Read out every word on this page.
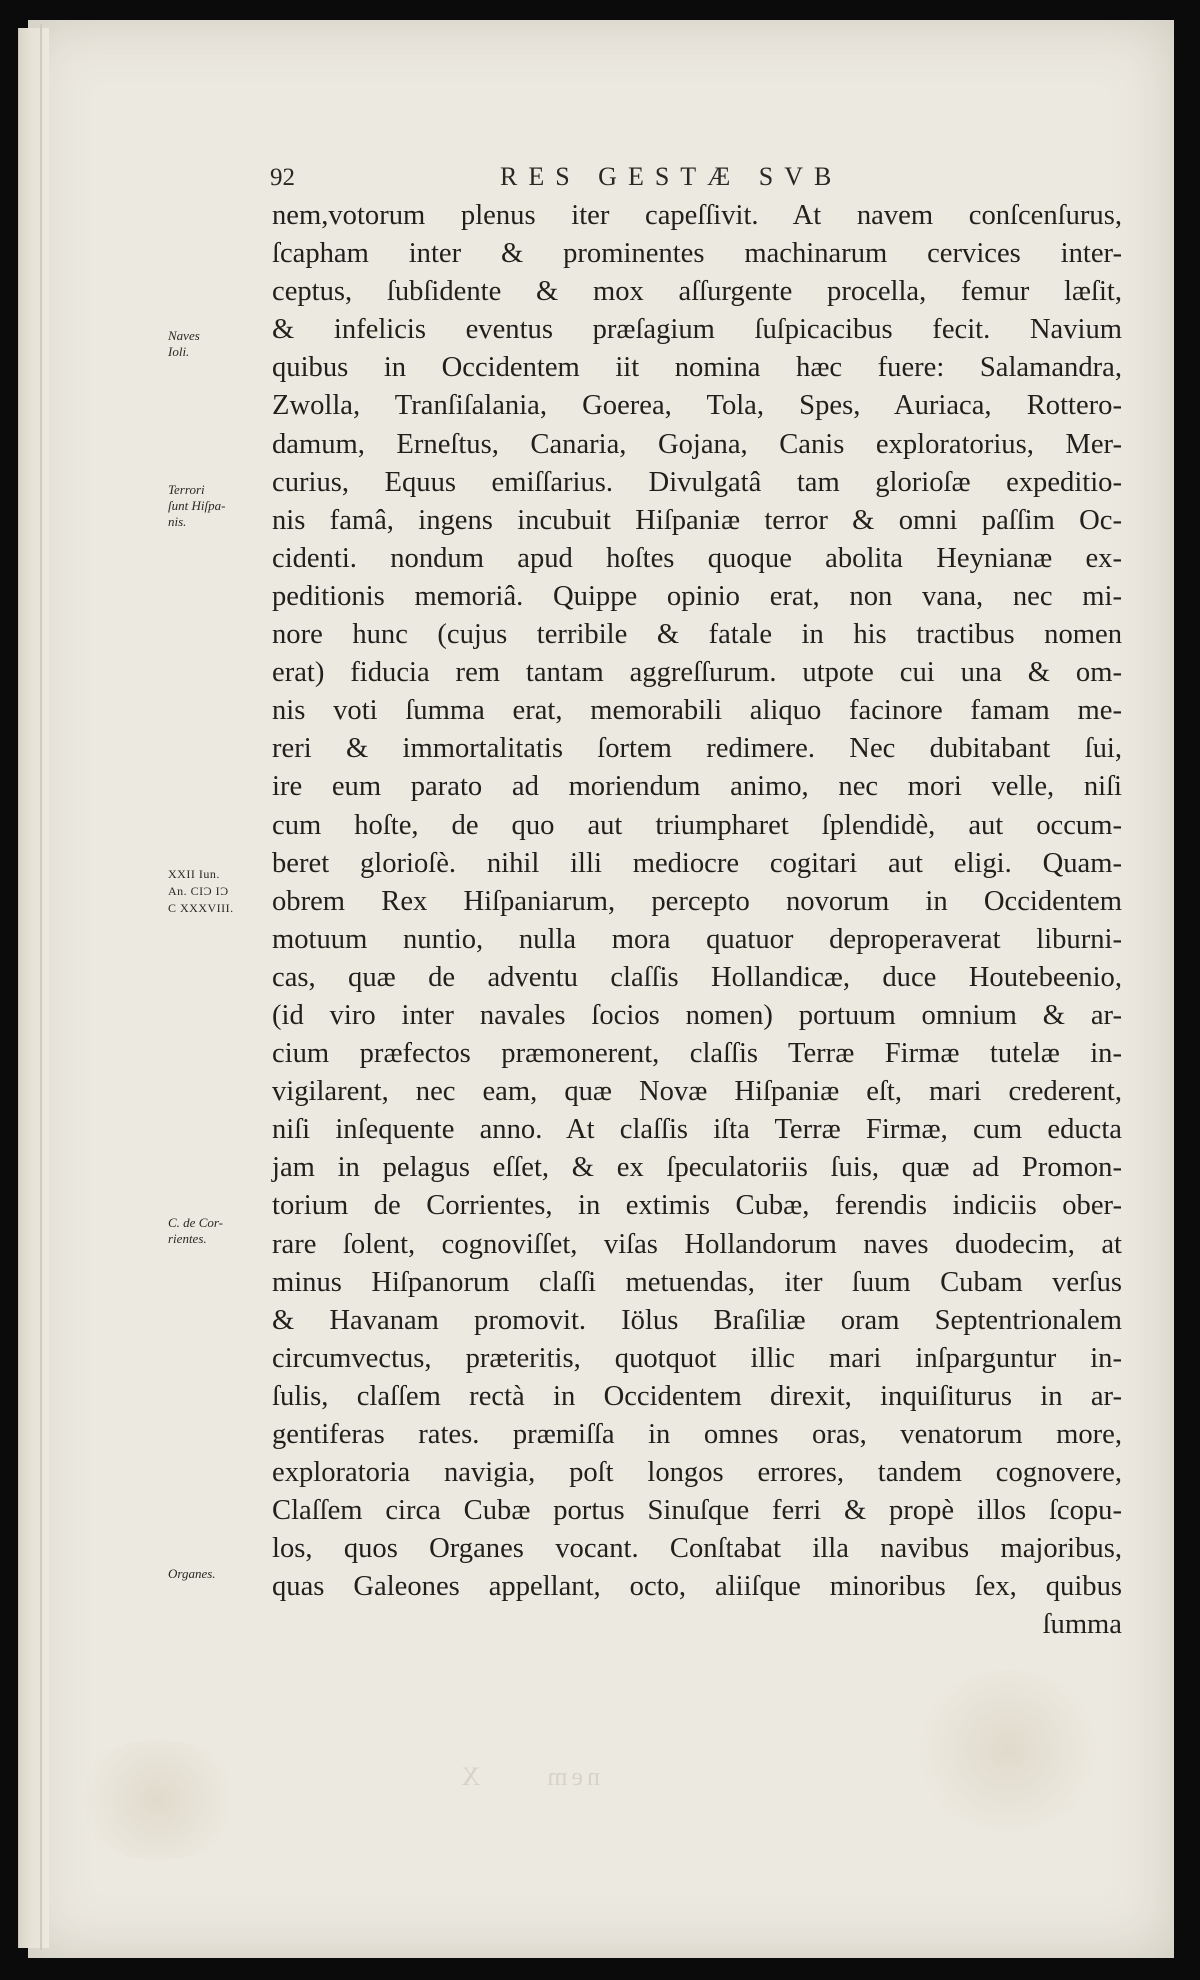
92	RES GESTÆ SVB
nem,votorum plenus iter capeſſivit. At navem conſcenſurus,
ſcapham inter & prominentes machinarum cervices inter-
ceptus, ſubſidente & mox aſſurgente procella, femur læſit,
& infelicis eventus præſagium ſuſpicacibus fecit. Navium
quibus in Occidentem iit nomina hæc fuere: Salamandra,
Zwolla, Tranſiſalania, Goerea, Tola, Spes, Auriaca, Rottero-
damum, Erneſtus, Canaria, Gojana, Canis exploratorius, Mer-
curius, Equus emiſſarius. Divulgatâ tam glorioſæ expeditio-
nis famâ, ingens incubuit Hiſpaniæ terror & omni paſſim Oc-
cidenti. nondum apud hoſtes quoque abolita Heynianæ ex-
peditionis memoriâ. Quippe opinio erat, non vana, nec mi-
nore hunc (cujus terribile & fatale in his tractibus nomen
erat) fiducia rem tantam aggreſſurum. utpote cui una & om-
nis voti ſumma erat, memorabili aliquo facinore famam me-
reri & immortalitatis ſortem redimere. Nec dubitabant ſui,
ire eum parato ad moriendum animo, nec mori velle, niſi
cum hoſte, de quo aut triumpharet ſplendidè, aut occum-
beret glorioſè. nihil illi mediocre cogitari aut eligi. Quam-
obrem Rex Hiſpaniarum, percepto novorum in Occidentem
motuum nuntio, nulla mora quatuor deproperaverat liburni-
cas, quæ de adventu claſſis Hollandicæ, duce Houtebeenio,
(id viro inter navales ſocios nomen) portuum omnium & ar-
cium præfectos præmonerent, claſſis Terræ Firmæ tutelæ in-
vigilarent, nec eam, quæ Novæ Hiſpaniæ eſt, mari crederent,
niſi inſequente anno. At claſſis iſta Terræ Firmæ, cum educta
jam in pelagus eſſet, & ex ſpeculatoriis ſuis, quæ ad Promon-
torium de Corrientes, in extimis Cubæ, ferendis indiciis ober-
rare ſolent, cognoviſſet, viſas Hollandorum naves duodecim, at
minus Hiſpanorum claſſi metuendas, iter ſuum Cubam verſus
& Havanam promovit. Iölus Braſiliæ oram Septentrionalem
circumvectus, præteritis, quotquot illic mari inſparguntur in-
ſulis, claſſem rectà in Occidentem direxit, inquiſiturus in ar-
gentiferas rates. præmiſſa in omnes oras, venatorum more,
exploratoria navigia, poſt longos errores, tandem cognovere,
Claſſem circa Cubæ portus Sinuſque ferri & propè illos ſcopu-
los, quos Organes vocant. Conſtabat illa navibus majoribus,
quas Galeones appellant, octo, aliiſque minoribus ſex, quibus
ſumma
Naves
Ioli.
Terrori
ſunt Hiſpa-
nis.
XXII Iun.
An. CIƆ IƆ
C XXXVIII.
C. de Cor-
rientes.
Organes.
nem      X
